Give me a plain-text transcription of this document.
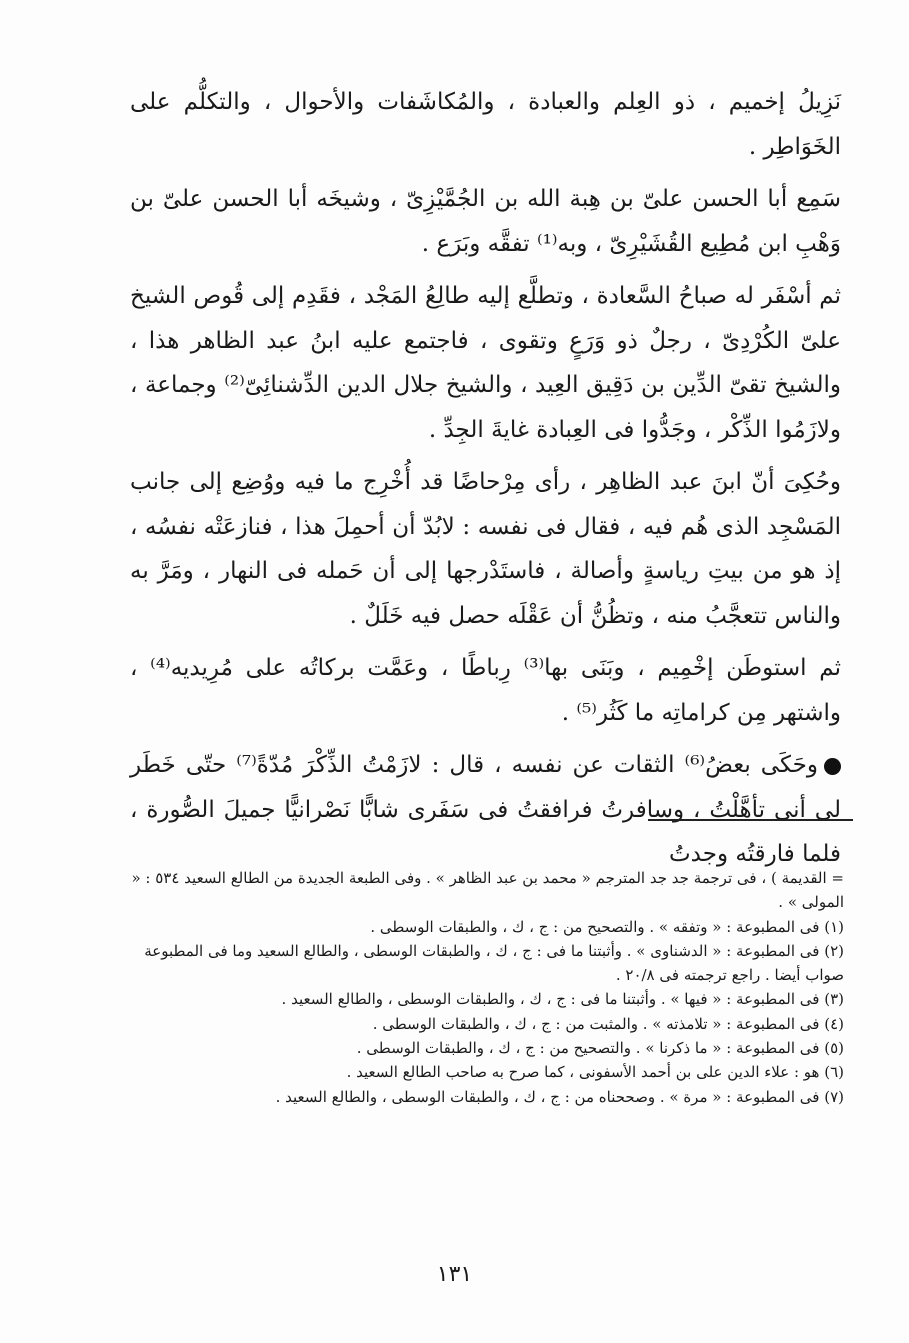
نَزِيلُ إخميم ، ذو العِلم والعبادة ، والمُكاشَفات والأحوال ، والتكلُّم على الخَوَاطِر .

سَمِع أبا الحسن علىّ بن هِبة الله بن الجُمَّيْزِىّ ، وشيخَه أبا الحسن علىّ بن وَهْبِ ابن مُطِيع القُشَيْرِىّ ، وبه⁽¹⁾ تفقَّه وبَرَع .

ثم أسْفَر له صباحُ السَّعادة ، وتطلَّع إليه طالِعُ المَجْد ، فقَدِم إلى قُوص الشيخ علىّ الكُرْدِىّ ، رجلٌ ذو وَرَعٍ وتقوى ، فاجتمع عليه ابنُ عبد الظاهر هذا ، والشيخ تقىّ الدِّين بن دَقِيق العِيد ، والشيخ جلال الدين الدِّشنائِىّ⁽²⁾ وجماعة ، ولازَمُوا الذِّكْر ، وجَدُّوا فى العِبادة غايةَ الجِدِّ .

وحُكِىَ أنّ ابنَ عبد الظاهِر ، رأى مِرْحاضًا قد أُخْرِج ما فيه ووُضِع إلى جانب المَسْجِد الذى هُم فيه ، فقال فى نفسه : لابُدّ أن أحمِلَ هذا ، فنازعَتْه نفسُه ، إذ هو من بيتِ رياسةٍ وأصالة ، فاستَدْرجها إلى أن حَمله فى النهار ، ومَرَّ به والناس تتعجَّبُ منه ، وتظُنُّ أن عَقْلَه حصل فيه خَلَلٌ .

ثم استوطَن إخْمِيم ، وبَنَى بها⁽³⁾ رِباطًا ، وعَمَّت بركاتُه على مُرِيديه⁽⁴⁾ ، واشتهر مِن كراماتِه ما كَثُر⁽⁵⁾ .

وحَكَى بعضُ⁽⁶⁾ الثقات عن نفسه ، قال : لازَمْتُ الذِّكْرَ مُدّةً⁽⁷⁾ حتّى خَطَر لى أنى تأهَّلْتُ ، وسافرتُ فرافقتُ فى سَفَرى شابًّا نَصْرانيًّا جميلَ الصُّورة ، فلما فارقتُه وجدتُ

= القديمة ) ، فى ترجمة جد جد المترجم « محمد بن عبد الظاهر » . وفى الطبعة الجديدة من الطالع السعيد ٥٣٤ : « المولى » .
(١) فى المطبوعة : « وتفقه » . والتصحيح من : ج ، ك ، والطبقات الوسطى .
(٢) فى المطبوعة : « الدشناوى » . وأثبتنا ما فى : ج ، ك ، والطبقات الوسطى ، والطالع السعيد وما فى المطبوعة صواب أيضا . راجع ترجمته فى ٢٠/٨ .
(٣) فى المطبوعة : « فيها » . وأثبتنا ما فى : ج ، ك ، والطبقات الوسطى ، والطالع السعيد .
(٤) فى المطبوعة : « تلامذته » . والمثبت من : ج ، ك ، والطبقات الوسطى .
(٥) فى المطبوعة : « ما ذكرنا » . والتصحيح من : ج ، ك ، والطبقات الوسطى .
(٦) هو : علاء الدين على بن أحمد الأسفونى ، كما صرح به صاحب الطالع السعيد .
(٧) فى المطبوعة : « مرة » . وصححناه من : ج ، ك ، والطبقات الوسطى ، والطالع السعيد .
١٣١
